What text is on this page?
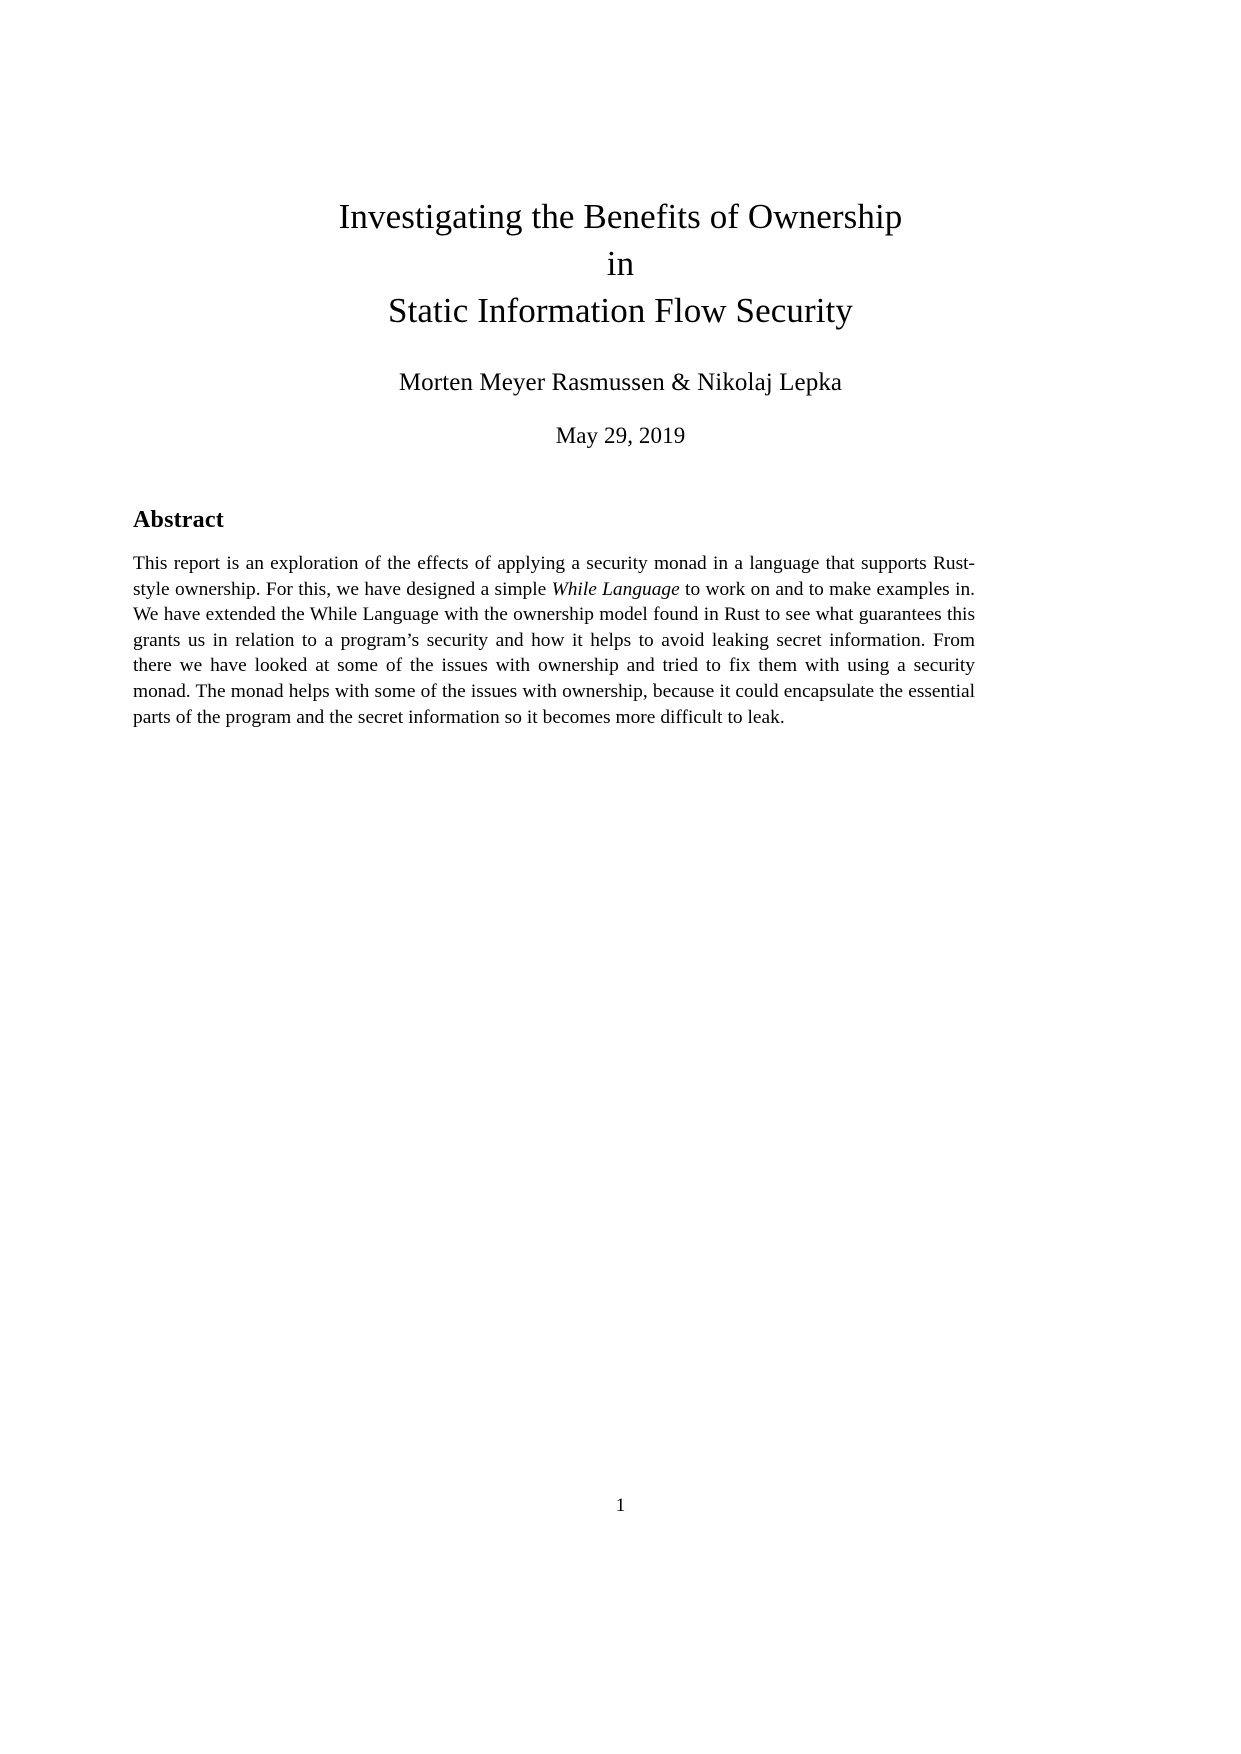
Investigating the Benefits of Ownership
in
Static Information Flow Security
Morten Meyer Rasmussen & Nikolaj Lepka
May 29, 2019
Abstract

This report is an exploration of the effects of applying a security monad in a language that supports Rust-style ownership. For this, we have designed a simple While Language to work on and to make examples in. We have extended the While Language with the ownership model found in Rust to see what guarantees this grants us in relation to a program’s security and how it helps to avoid leaking secret information. From there we have looked at some of the issues with ownership and tried to fix them with using a security monad. The monad helps with some of the issues with ownership, because it could encapsulate the essential parts of the program and the secret information so it becomes more difficult to leak.

1
